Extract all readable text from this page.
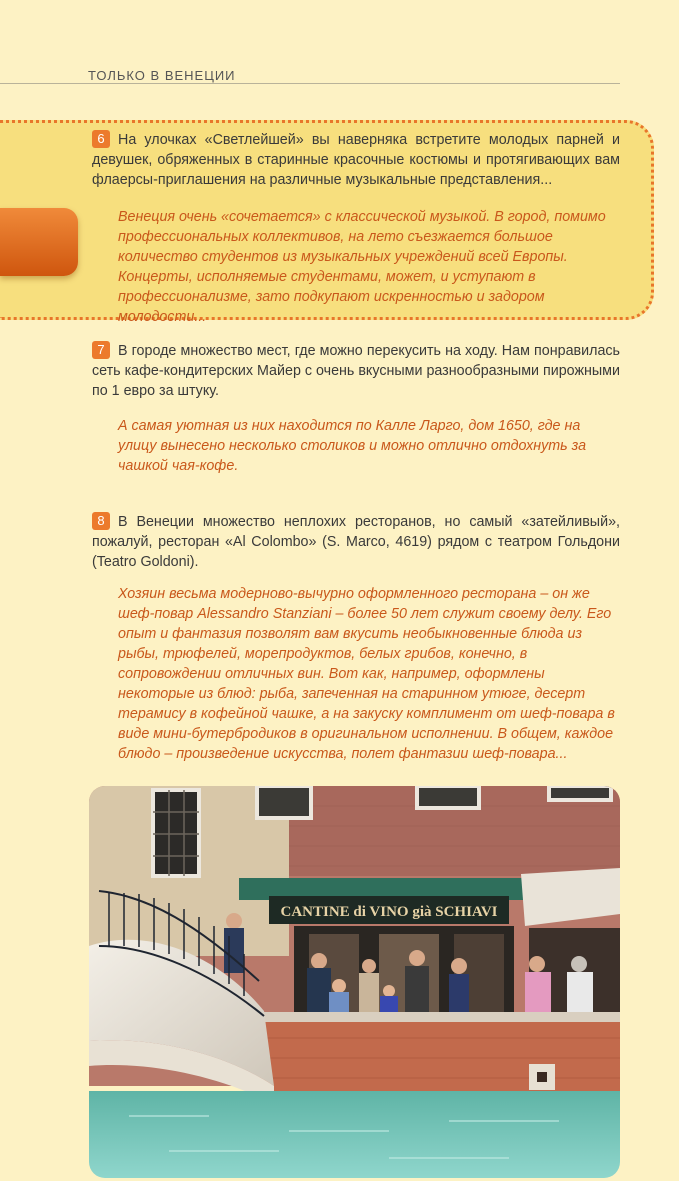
ТОЛЬКО В ВЕНЕЦИИ
6 На улочках «Светлейшей» вы наверняка встретите молодых парней и девушек, обряженных в старинные красочные костюмы и протягивающих вам флаерсы-приглашения на различные музыкальные представления...
Венеция очень «сочетается» с классической музыкой. В город, помимо профессиональных коллективов, на лето съезжается большое количество студентов из музыкальных учреждений всей Европы. Концерты, исполняемые студентами, может, и уступают в профессионализме, зато подкупают искренностью и задором молодости...
7 В городе множество мест, где можно перекусить на ходу. Нам понравилась сеть кафе-кондитерских Майер с очень вкусными разнообразными пирожными по 1 евро за штуку.
А самая уютная из них находится по Калле Ларго, дом 1650, где на улицу вынесено несколько столиков и можно отлично отдохнуть за чашкой чая-кофе.
8 В Венеции множество неплохих ресторанов, но самый «затейливый», пожалуй, ресторан «Al Colombo» (S. Marco, 4619) рядом с театром Гольдони (Teatro Goldoni).
Хозяин весьма модерново-вычурно оформленного ресторана – он же шеф-повар Alessandro Stanziani – более 50 лет служит своему делу. Его опыт и фантазия позволят вам вкусить необыкновенные блюда из рыбы, трюфелей, морепродуктов, белых грибов, конечно, в сопровождении отличных вин. Вот как, например, оформлены некоторые из блюд: рыба, запеченная на старинном утюге, десерт терамису в кофейной чашке, а на закуску комплимент от шеф-повара в виде мини-бутербродиков в оригинальном исполнении. В общем, каждое блюдо – произведение искусства, полет фантазии шеф-повара...
CANTINE di VINO già SCHIAVI
